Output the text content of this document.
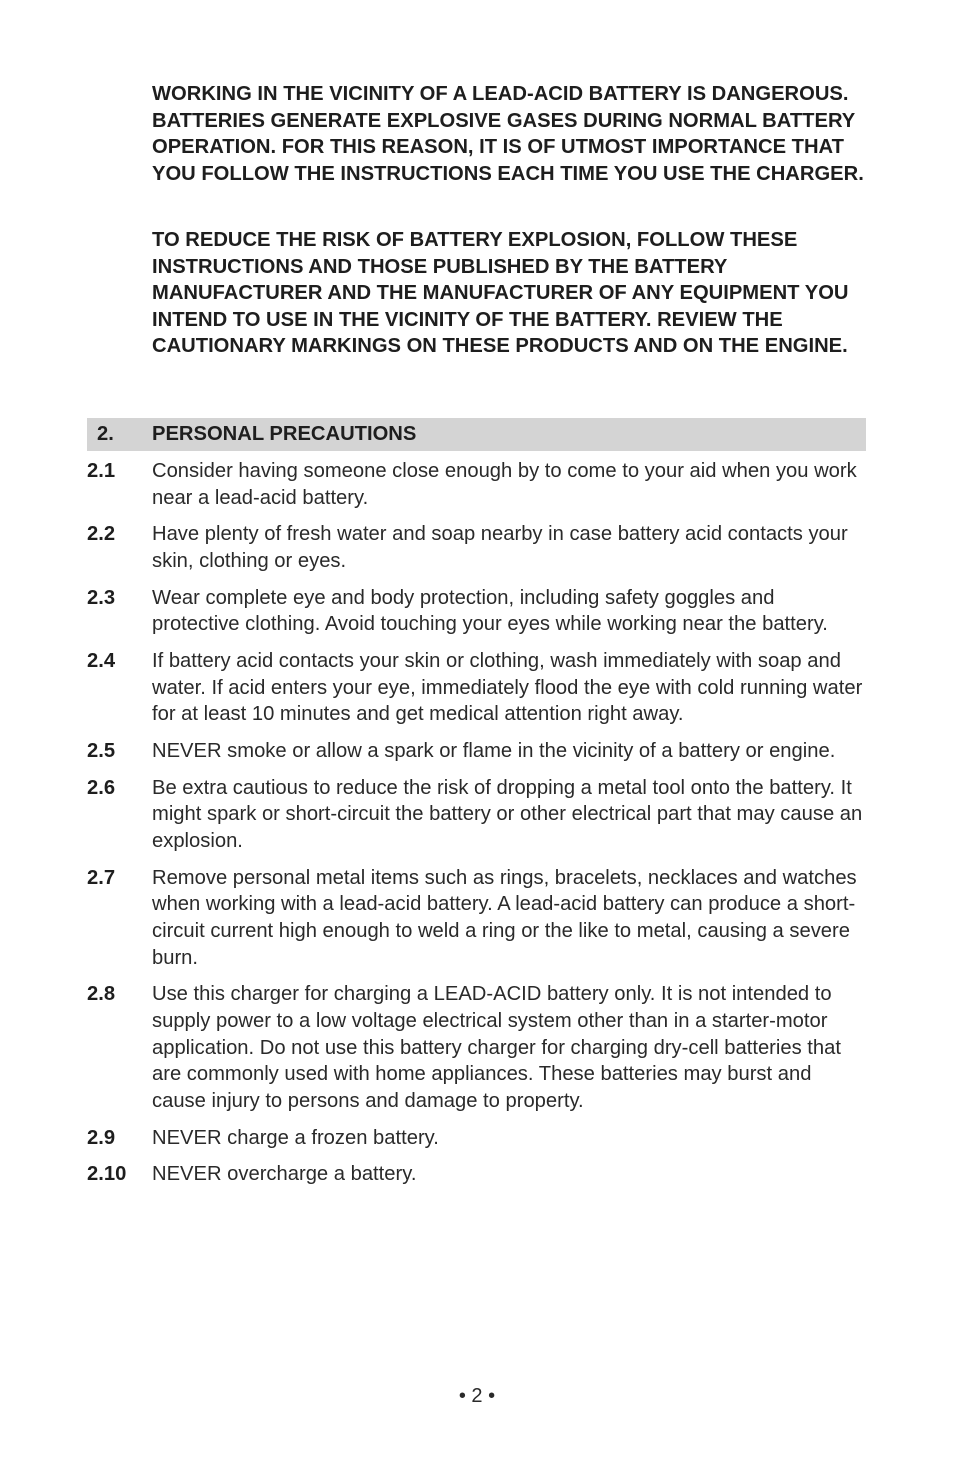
WORKING IN THE VICINITY OF A LEAD-ACID BATTERY IS DANGEROUS. BATTERIES GENERATE EXPLOSIVE GASES DURING NORMAL BATTERY OPERATION. FOR THIS REASON, IT IS OF UTMOST IMPORTANCE THAT YOU FOLLOW THE INSTRUCTIONS EACH TIME YOU USE THE CHARGER.
TO REDUCE THE RISK OF BATTERY EXPLOSION, FOLLOW THESE INSTRUCTIONS AND THOSE PUBLISHED BY THE BATTERY MANUFACTURER AND THE MANUFACTURER OF ANY EQUIPMENT YOU INTEND TO USE IN THE VICINITY OF THE BATTERY. REVIEW THE CAUTIONARY MARKINGS ON THESE PRODUCTS AND ON THE ENGINE.
2. PERSONAL PRECAUTIONS
2.1	Consider having someone close enough by to come to your aid when you work near a lead-acid battery.
2.2	Have plenty of fresh water and soap nearby in case battery acid contacts your skin, clothing or eyes.
2.3	Wear complete eye and body protection, including safety goggles and protective clothing. Avoid touching your eyes while working near the battery.
2.4	If battery acid contacts your skin or clothing, wash immediately with soap and water. If acid enters your eye, immediately flood the eye with cold running water for at least 10 minutes and get medical attention right away.
2.5	NEVER smoke or allow a spark or flame in the vicinity of a battery or engine.
2.6	Be extra cautious to reduce the risk of dropping a metal tool onto the battery. It might spark or short-circuit the battery or other electrical part that may cause an explosion.
2.7	Remove personal metal items such as rings, bracelets, necklaces and watches when working with a lead-acid battery. A lead-acid battery can produce a short-circuit current high enough to weld a ring or the like to metal, causing a severe burn.
2.8	Use this charger for charging a LEAD-ACID battery only. It is not intended to supply power to a low voltage electrical system other than in a starter-motor application. Do not use this battery charger for charging dry-cell batteries that are commonly used with home appliances. These batteries may burst and cause injury to persons and damage to property.
2.9	NEVER charge a frozen battery.
2.10	NEVER overcharge a battery.
• 2 •
